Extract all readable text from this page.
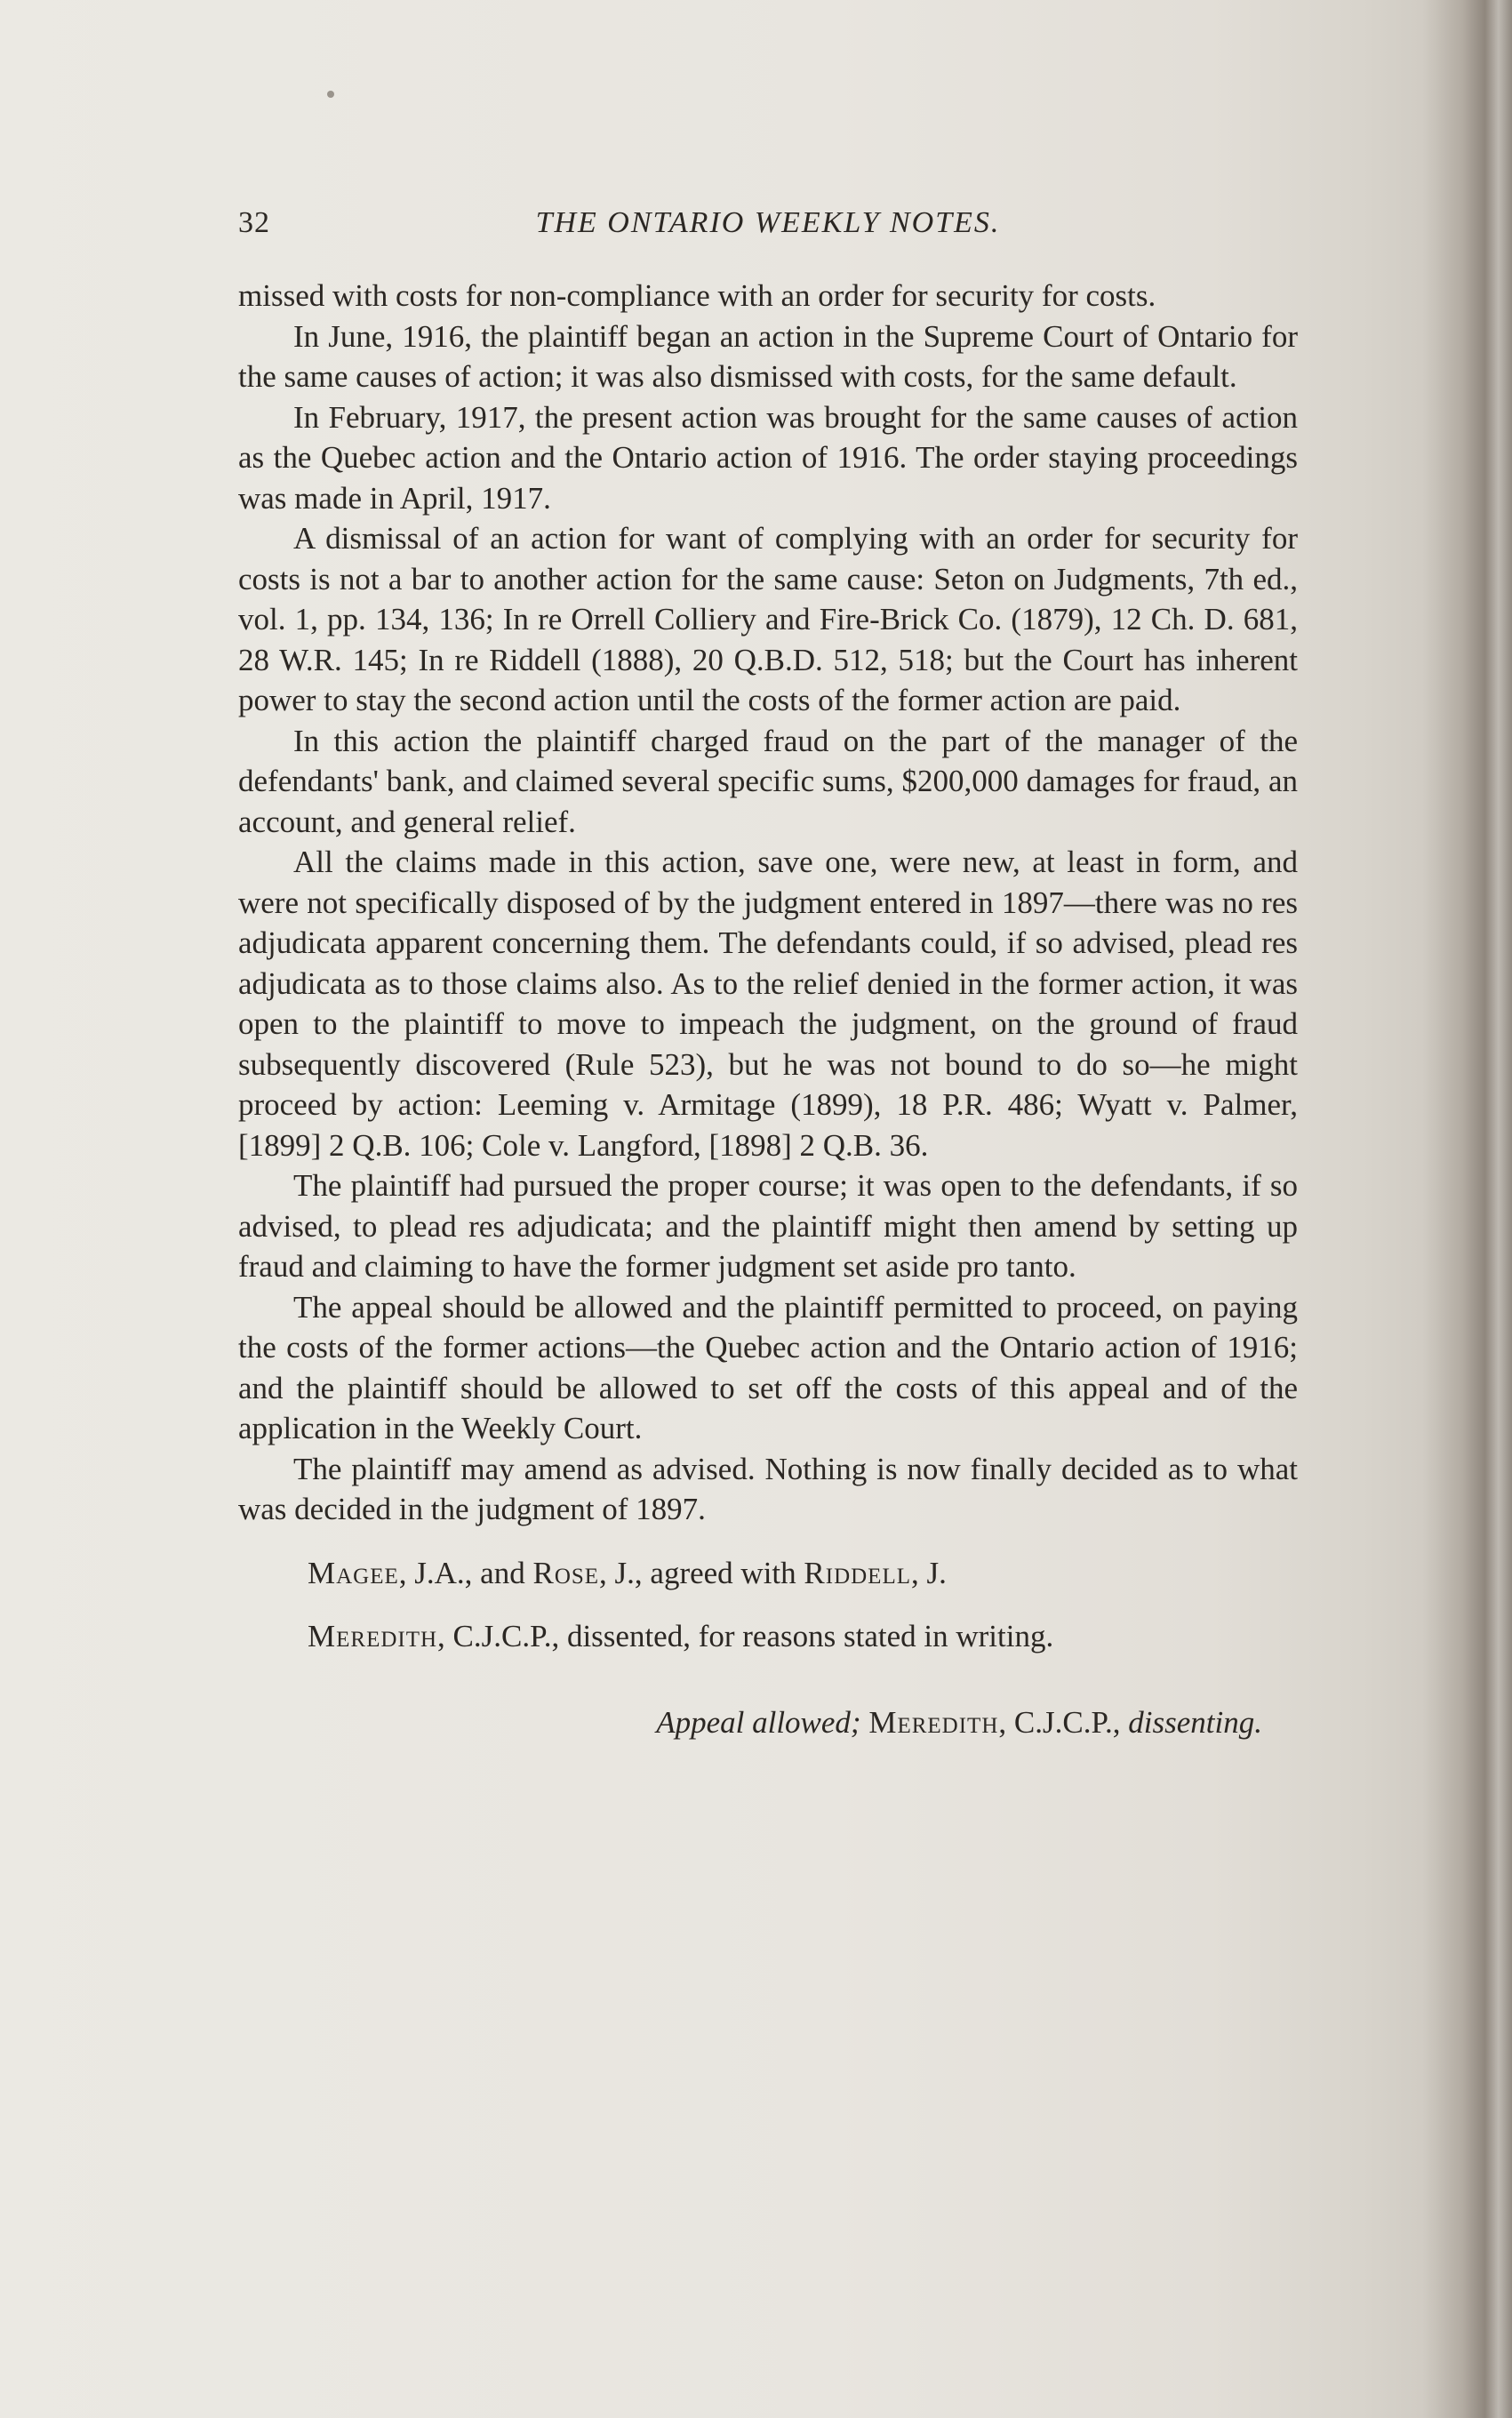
32	THE ONTARIO WEEKLY NOTES.

missed with costs for non-compliance with an order for security for costs.

In June, 1916, the plaintiff began an action in the Supreme Court of Ontario for the same causes of action; it was also dismissed with costs, for the same default.

In February, 1917, the present action was brought for the same causes of action as the Quebec action and the Ontario action of 1916. The order staying proceedings was made in April, 1917.

A dismissal of an action for want of complying with an order for security for costs is not a bar to another action for the same cause: Seton on Judgments, 7th ed., vol. 1, pp. 134, 136; In re Orrell Colliery and Fire-Brick Co. (1879), 12 Ch. D. 681, 28 W.R. 145; In re Riddell (1888), 20 Q.B.D. 512, 518; but the Court has inherent power to stay the second action until the costs of the former action are paid.

In this action the plaintiff charged fraud on the part of the manager of the defendants' bank, and claimed several specific sums, $200,000 damages for fraud, an account, and general relief.

All the claims made in this action, save one, were new, at least in form, and were not specifically disposed of by the judgment entered in 1897—there was no res adjudicata apparent concerning them. The defendants could, if so advised, plead res adjudicata as to those claims also. As to the relief denied in the former action, it was open to the plaintiff to move to impeach the judgment, on the ground of fraud subsequently discovered (Rule 523), but he was not bound to do so—he might proceed by action: Leeming v. Armitage (1899), 18 P.R. 486; Wyatt v. Palmer, [1899] 2 Q.B. 106; Cole v. Langford, [1898] 2 Q.B. 36.

The plaintiff had pursued the proper course; it was open to the defendants, if so advised, to plead res adjudicata; and the plaintiff might then amend by setting up fraud and claiming to have the former judgment set aside pro tanto.

The appeal should be allowed and the plaintiff permitted to proceed, on paying the costs of the former actions—the Quebec action and the Ontario action of 1916; and the plaintiff should be allowed to set off the costs of this appeal and of the application in the Weekly Court.

The plaintiff may amend as advised. Nothing is now finally decided as to what was decided in the judgment of 1897.

Magee, J.A., and Rose, J., agreed with Riddell, J.

Meredith, C.J.C.P., dissented, for reasons stated in writing.

Appeal allowed; Meredith, C.J.C.P., dissenting.
